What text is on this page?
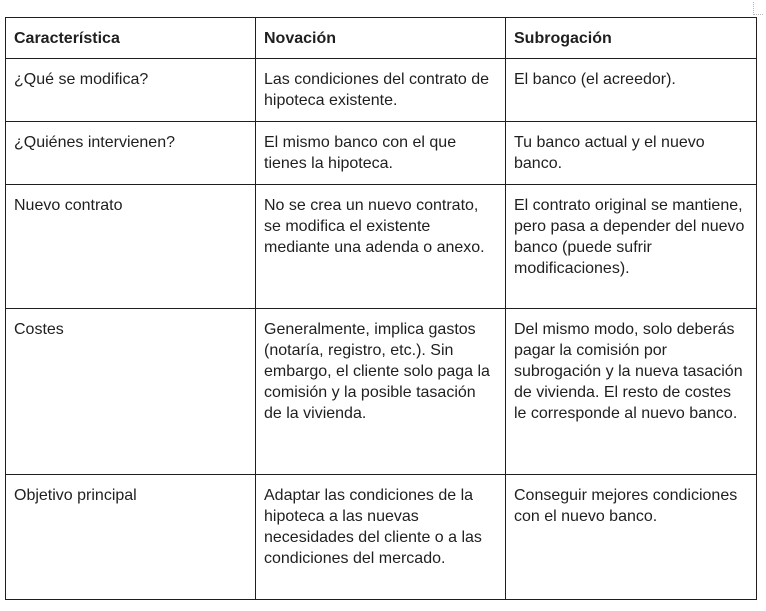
Característica	Novación	Subrogación
¿Qué se modifica?	Las condiciones del contrato de hipoteca existente.	El banco (el acreedor).
¿Quiénes intervienen?	El mismo banco con el que tienes la hipoteca.	Tu banco actual y el nuevo banco.
Nuevo contrato	No se crea un nuevo contrato, se modifica el existente mediante una adenda o anexo.	El contrato original se mantiene, pero pasa a depender del nuevo banco (puede sufrir modificaciones).
Costes	Generalmente, implica gastos (notaría, registro, etc.). Sin embargo, el cliente solo paga la comisión y la posible tasación de la vivienda.	Del mismo modo, solo deberás pagar la comisión por subrogación y la nueva tasación de vivienda. El resto de costes le corresponde al nuevo banco.
Objetivo principal	Adaptar las condiciones de la hipoteca a las nuevas necesidades del cliente o a las condiciones del mercado.	Conseguir mejores condiciones con el nuevo banco.
